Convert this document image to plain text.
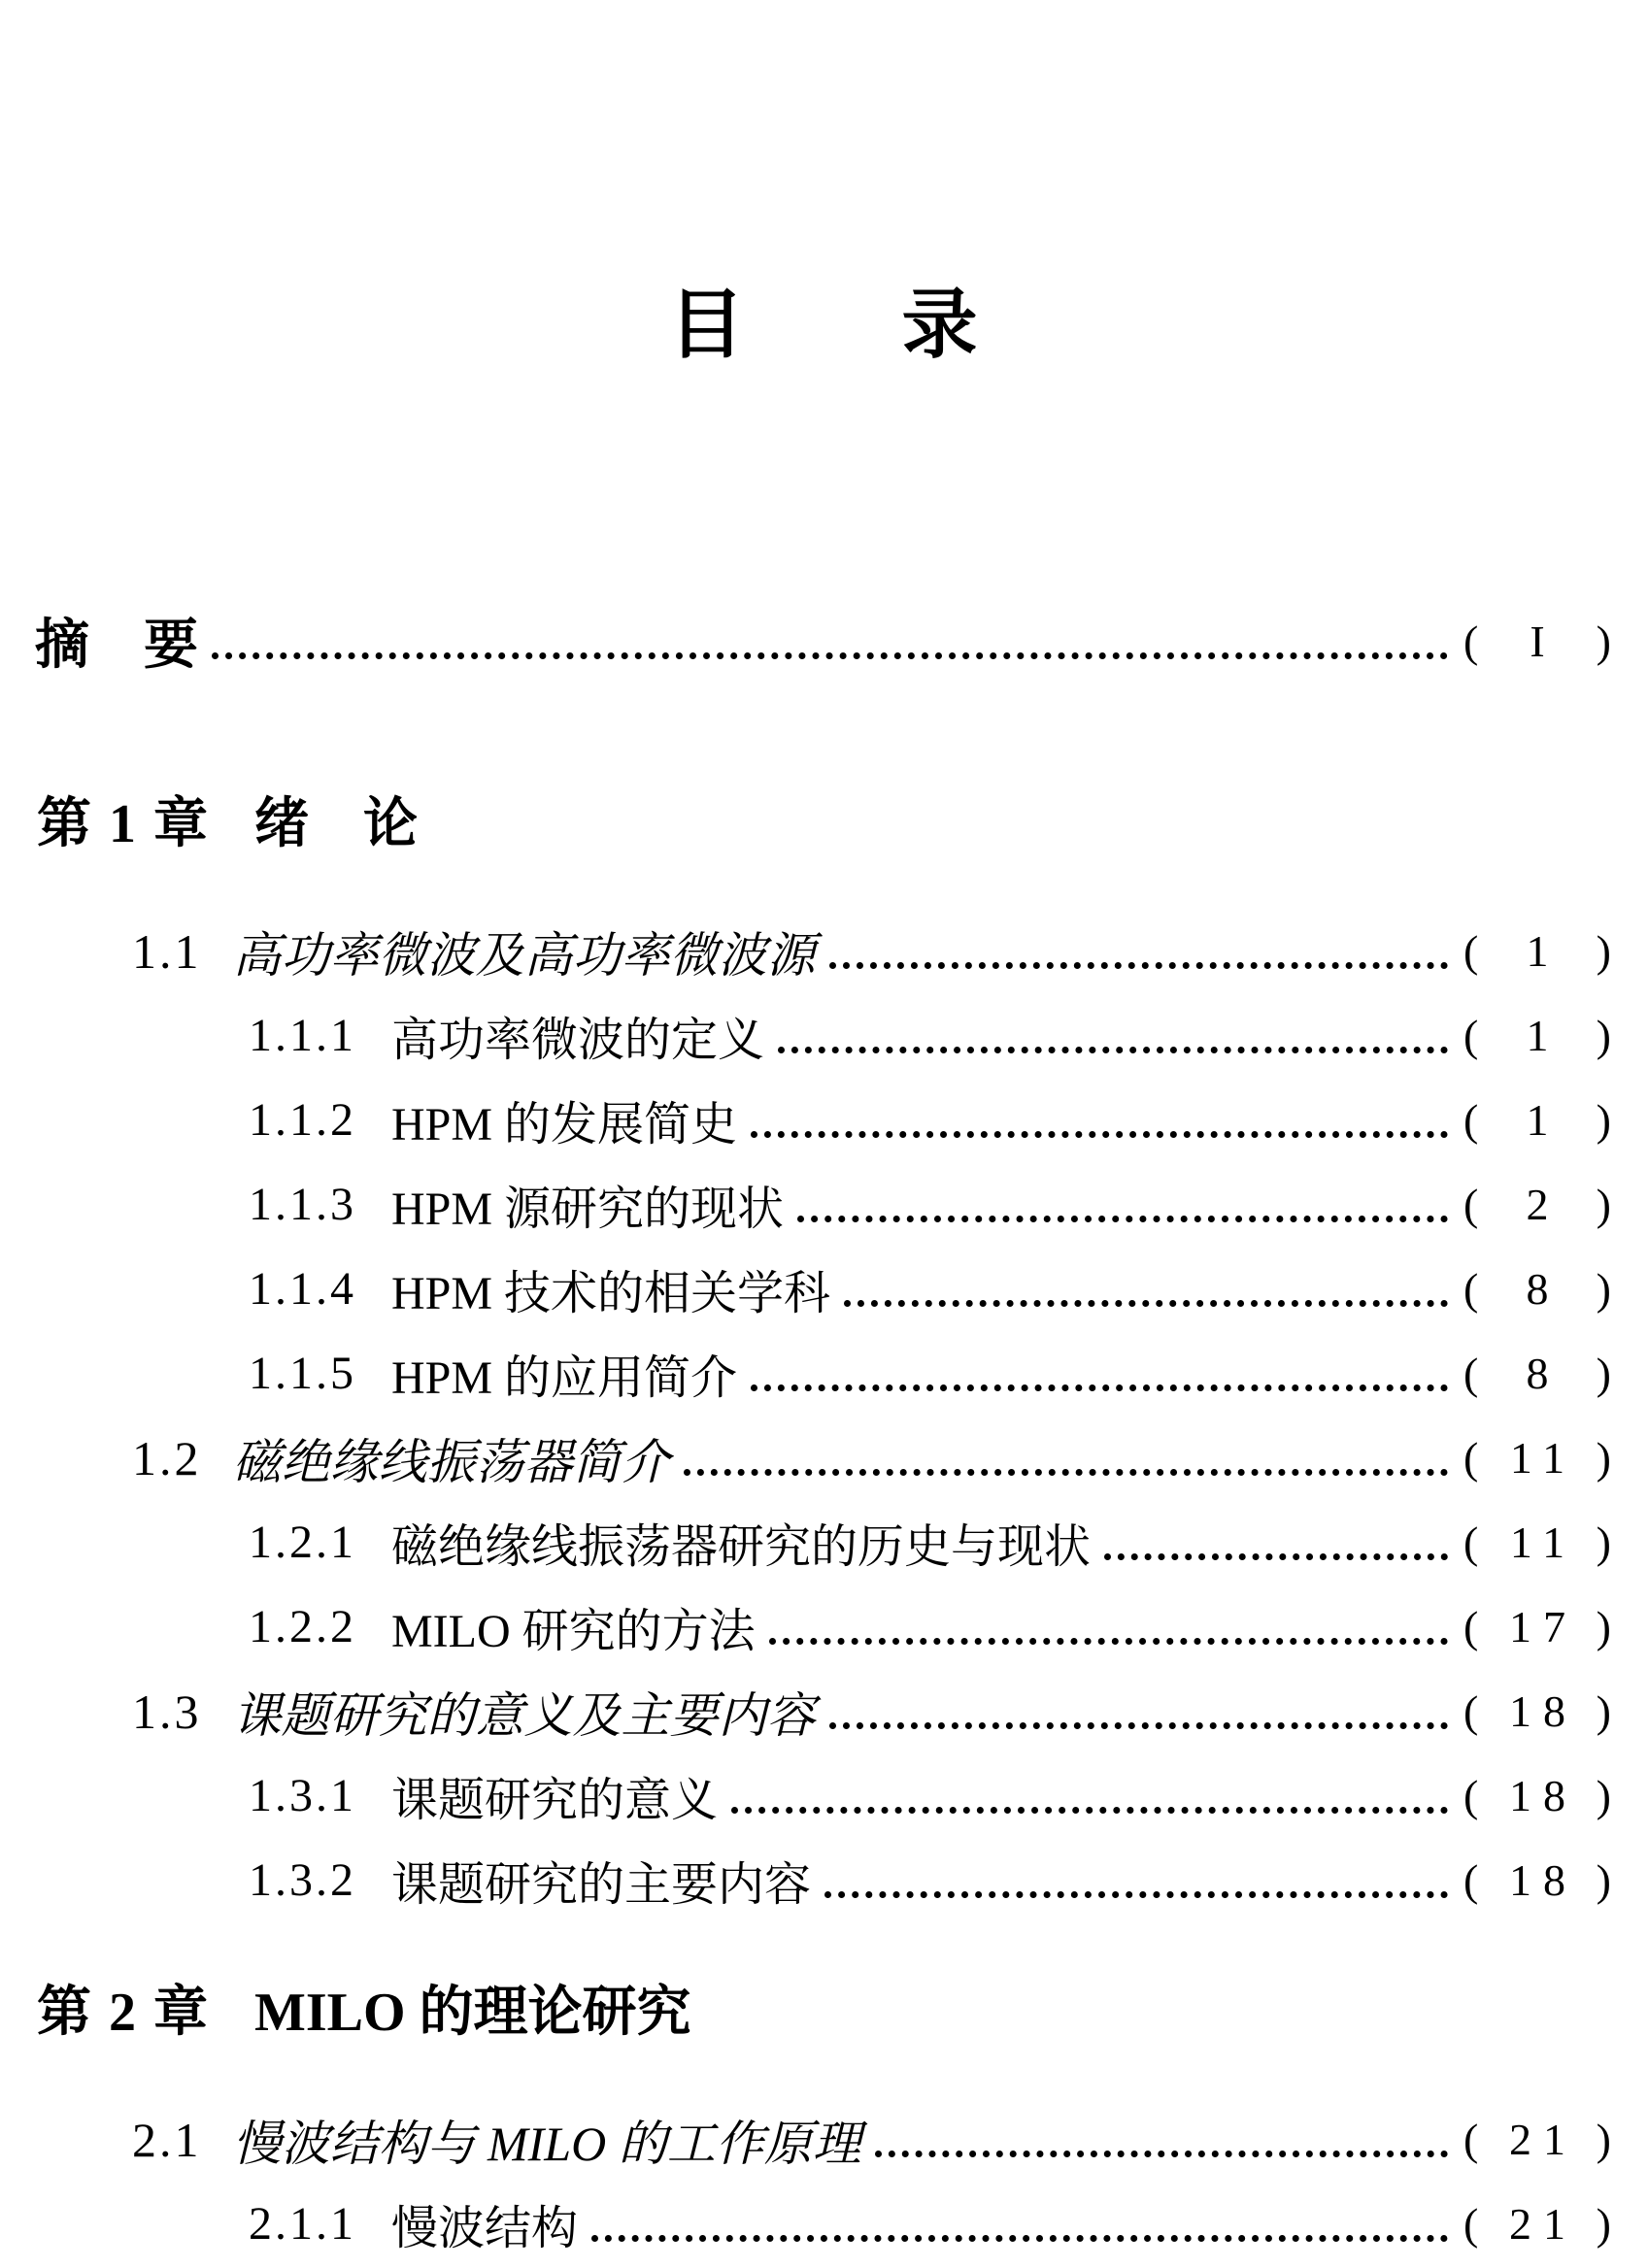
目　　录
摘　要	( I )
第 1 章 绪　论
1.1 高功率微波及高功率微波源	( 1 )
1.1.1 高功率微波的定义	( 1 )
1.1.2 HPM 的发展简史	( 1 )
1.1.3 HPM 源研究的现状	( 2 )
1.1.4 HPM 技术的相关学科	( 8 )
1.1.5 HPM 的应用简介	( 8 )
1.2 磁绝缘线振荡器简介	( 11 )
1.2.1 磁绝缘线振荡器研究的历史与现状	( 11 )
1.2.2 MILO 研究的方法	( 17 )
1.3 课题研究的意义及主要内容	( 18 )
1.3.1 课题研究的意义	( 18 )
1.3.2 课题研究的主要内容	( 18 )
第 2 章 MILO 的理论研究
2.1 慢波结构与 MILO 的工作原理	( 21 )
2.1.1 慢波结构	( 21 )
